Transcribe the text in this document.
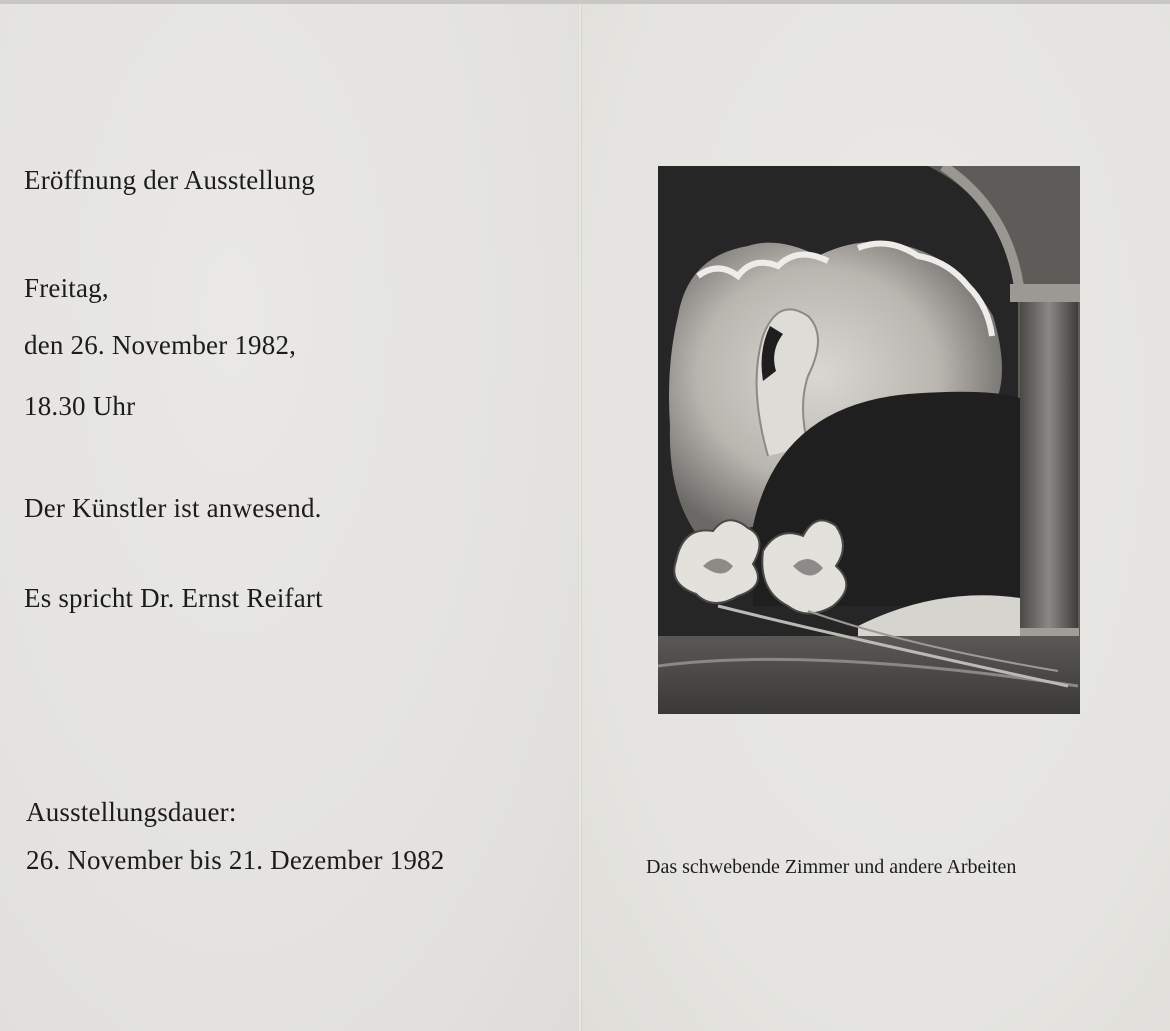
Eröffnung der Ausstellung
Freitag,
den 26. November 1982,
18.30 Uhr
Der Künstler ist anwesend.
Es spricht Dr. Ernst Reifart
Ausstellungsdauer:
26. November bis 21. Dezember 1982	Das schwebende Zimmer und andere Arbeiten
